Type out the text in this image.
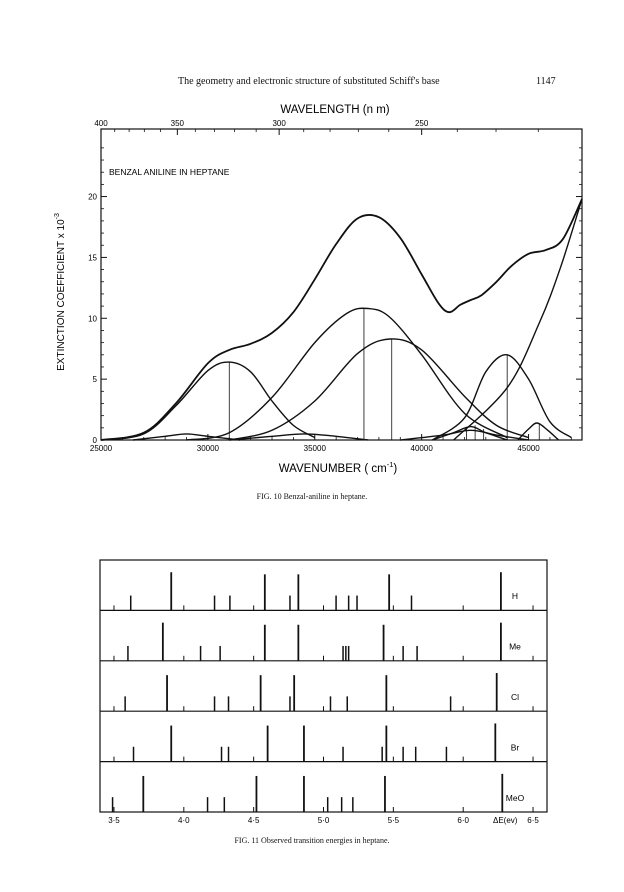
The geometry and electronic structure of substituted Schiff's base	1147
WAVELENGTH (n m)
25000	30000	35000	40000	45000
0
5
10
15
20
400	350	300	250
BENZAL ANILINE IN HEPTANE
WAVENUMBER ( $cm^{-1}$)
EXTINCTION COEFFICIENT x $10^{-3}$
FIG. 10 Benzal-aniline in heptane.
H
Me
Cl
Br
MeO
3·5	4·0	4·5	5·0	5·5	6·0	6·5
ΔE(ev)
FIG. 11 Observed transition energies in heptane.
